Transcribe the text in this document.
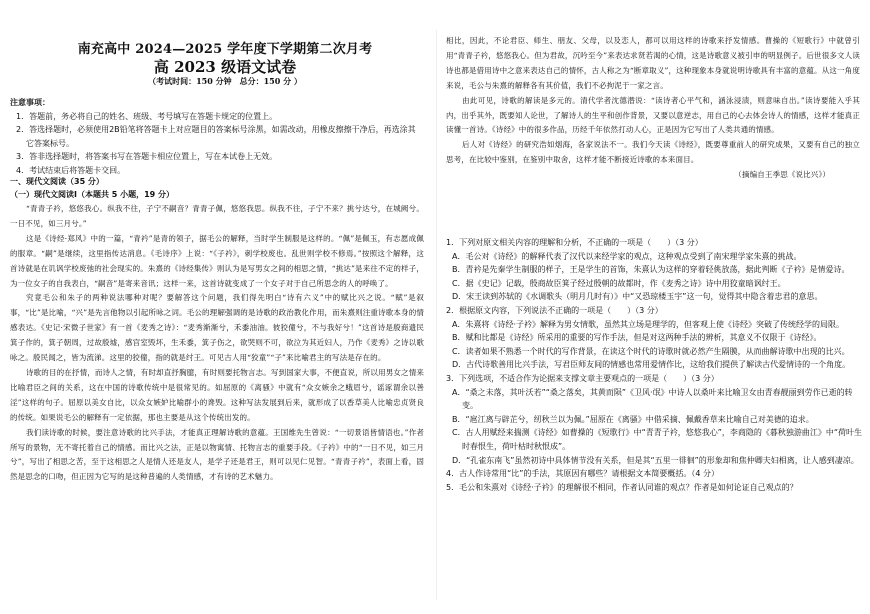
南充高中 2024—2025 学年度下学期第二次月考
高 2023 级语文试卷
（考试时间：150 分钟　总分：150 分 ）
注意事项：
1．答题前，务必将自己的姓名、班级、考号填写在答题卡规定的位置上。
2．答选择题时，必须使用2B铅笔将答题卡上对应题目的答案标号涂黑，如需改动，用橡皮擦擦干净后，再选涂其它答案标号。
3．答非选择题时，将答案书写在答题卡相应位置上，写在本试卷上无效。
4．考试结束后将答题卡交回。
一、现代文阅读（35 分）
（一）现代文阅读Ⅰ（本题共 5 小题，19 分）

“青青子衿，悠悠我心。纵我不往，子宁不嗣音？青青子佩，悠悠我思。纵我不往，子宁不来？挑兮达兮，在城阙兮。一日不见，如三月兮。”

这是《诗经·郑风》中的一篇，“青衿”是青的领子，据毛公的解释，当时学生制服是这样的。“佩”是佩玉，有志愿成佩的服章。“嗣”是继续，这里指传达消息。《毛诗序》上说：“《子衿》，刺学校废也。乱世则学校不修焉。”按照这个解释，这首诗就是在讥讽学校废弛的社会现实的。朱熹的《诗经集传》则认为是写男女之间的相思之情，“挑达”是来往不定的样子，为一位女子的自我表白，“嗣音”是寄来音讯；这样一来，这首诗就变成了一个女子对于自己所思念的人的呼唤了。

究竟毛公和朱子的两种说法哪种对呢？要解答这个问题，我们得先明白“诗有六义”中的赋比兴之说。“赋”是叙事，“比”是比喻，“兴”是先言他物以引起所咏之词。毛公的理解强调的是诗歌的政治教化作用，而朱熹则注重诗歌本身的情感表达。《史记·宋微子世家》有一首《麦秀之诗》：“麦秀渐渐兮，禾黍油油。彼狡僮兮，不与我好兮！”这首诗是殷商遗民箕子作的，箕子朝周，过故殷墟，感宫室毁坏，生禾黍，箕子伤之，欲哭则不可，欲泣为其近妇人，乃作《麦秀》之诗以歌咏之。殷民闻之，皆为流涕。这里的狡僮，指的就是纣王。可见古人用“狡童”“子”来比喻君主的写法是存在的。

诗歌的目的在抒情，而诗人之情，有时却直抒胸臆，有时则要托物言志。写到国家大事，不便直说，所以用男女之情来比喻君臣之间的关系，这在中国的诗歌传统中是很常见的。如屈原的《离骚》中就有“众女嫉余之蛾眉兮，谣诼谓余以善淫”这样的句子。屈原以美女自比，以众女嫉妒比喻群小的谗毁。这种写法发展到后来，就形成了以香草美人比喻忠贞贤良的传统。如果说毛公的解释有一定依据，那也主要是从这个传统出发的。

我们读诗歌的时候，要注意诗歌的比兴手法，才能真正理解诗歌的意蕴。王国维先生曾说：“一切景语皆情语也。”作者所写的景物，无不寄托着自己的情感。而比兴之法，正是以物寓情、托物言志的重要手段。《子衿》中的“一日不见，如三月兮”，写出了相思之苦，至于这相思之人是情人还是友人，是学子还是君王，则可以见仁见智。“青青子衿”，表面上看，固然是思念的口吻，但正因为它写的是这种普遍的人类情感，才有诗的艺术魅力。

相比，因此，不论君臣、师生、朋友、父母，以及恋人，都可以用这样的诗歌来抒发情感。曹操的《短歌行》中就曾引用“青青子衿，悠悠我心。但为君故，沉吟至今”来表达求贤若渴的心情，这是诗歌意义被引申的明显例子。后世很多文人读诗也都是借用诗中之意来表达自己的情怀，古人称之为“断章取义”，这种现象本身就说明诗歌具有丰富的意蕴。从这一角度来说，毛公与朱熹的解释各有其价值，我们不必拘泥于一家之言。

由此可见，诗歌的解读是多元的。清代学者沈德潜说：“读诗者心平气和，涵泳浸渍，则意味自出。”读诗要能入乎其内，出乎其外，既要知人论世，了解诗人的生平和创作背景，又要以意逆志，用自己的心去体会诗人的情感，这样才能真正读懂一首诗。《诗经》中的很多作品，历经千年依然打动人心，正是因为它写出了人类共通的情感。

后人对《诗经》的研究浩如烟海，各家说法不一。我们今天读《诗经》，既要尊重前人的研究成果，又要有自己的独立思考，在比较中鉴别，在鉴别中取舍，这样才能不断接近诗歌的本来面目。

（摘编自王季思《说比兴》）

1．下列对原文相关内容的理解和分析，不正确的一项是（　　）（3 分）

A．毛公对《诗经》的解释代表了汉代以来经学家的观点，这种观点受到了南宋理学家朱熹的挑战。

B．青衿是先秦学生制服的样子，王是学生的首饰，朱熹认为这样的穿着轻佻放荡，据此判断《子衿》是情爱诗。

C．据《史记》记载，殷商故臣箕子经过殷朝的故都时，作《麦秀之诗》诗中用狡童暗讽纣王。

D．宋王读到苏轼的《水调歌头（明月几时有）》中“又恐琼楼玉宇”这一句，觉得其中隐含着忠君的意思。

2．根据原文内容，下列说法不正确的一项是（　　）（3 分）

A．朱熹将《诗经·子衿》解释为男女情歌，虽然其立场是理学的，但客观上使《诗经》突破了传统经学的局限。

B．赋和比都是《诗经》所采用的重要的写作手法，但是对这两种手法的辨析，其意义不仅限于《诗经》。

C．读者如果不熟悉一个时代的写作背景，在读这个时代的诗歌时就必然产生隔膜，从而曲解诗歌中出现的比兴。

D．古代诗歌善用比兴手法，写君臣师友间的情感也常用爱情作比，这给我们提供了解读古代爱情诗的一个角度。

3．下列选项，不适合作为论据来支撑文章主要观点的一项是（　　）（3 分）

A．“桑之未落，其叶沃若”“桑之落矣，其黄而陨”《卫风·氓》中诗人以桑叶来比喻卫女由青春靓丽到劳作已逝的转变。

B．“扈江离与辟芷兮，纫秋兰以为佩。”屈原在《离骚》中借采摘、佩戴香草来比喻自己对美德的追求。

C．古人用赋经来揣测《诗经》如曹操的《短歌行》中“青青子衿，悠悠我心”，李商隐的《暮秋独游曲江》中“荷叶生时春恨生，荷叶枯时秋恨成”。

D．“孔雀东南飞”虽然初诗中具体情节没有关系，但是其“五里一徘徊”的形象却和焦仲卿夫妇相离，让人感到凄凉。

4．古人作诗常用“比”的手法，其原因有哪些？请根据文本简要概括。（4 分）

5．毛公和朱熹对《诗经·子衿》的理解很不相同，作者认同谁的观点？作者是如何论证自己观点的？
